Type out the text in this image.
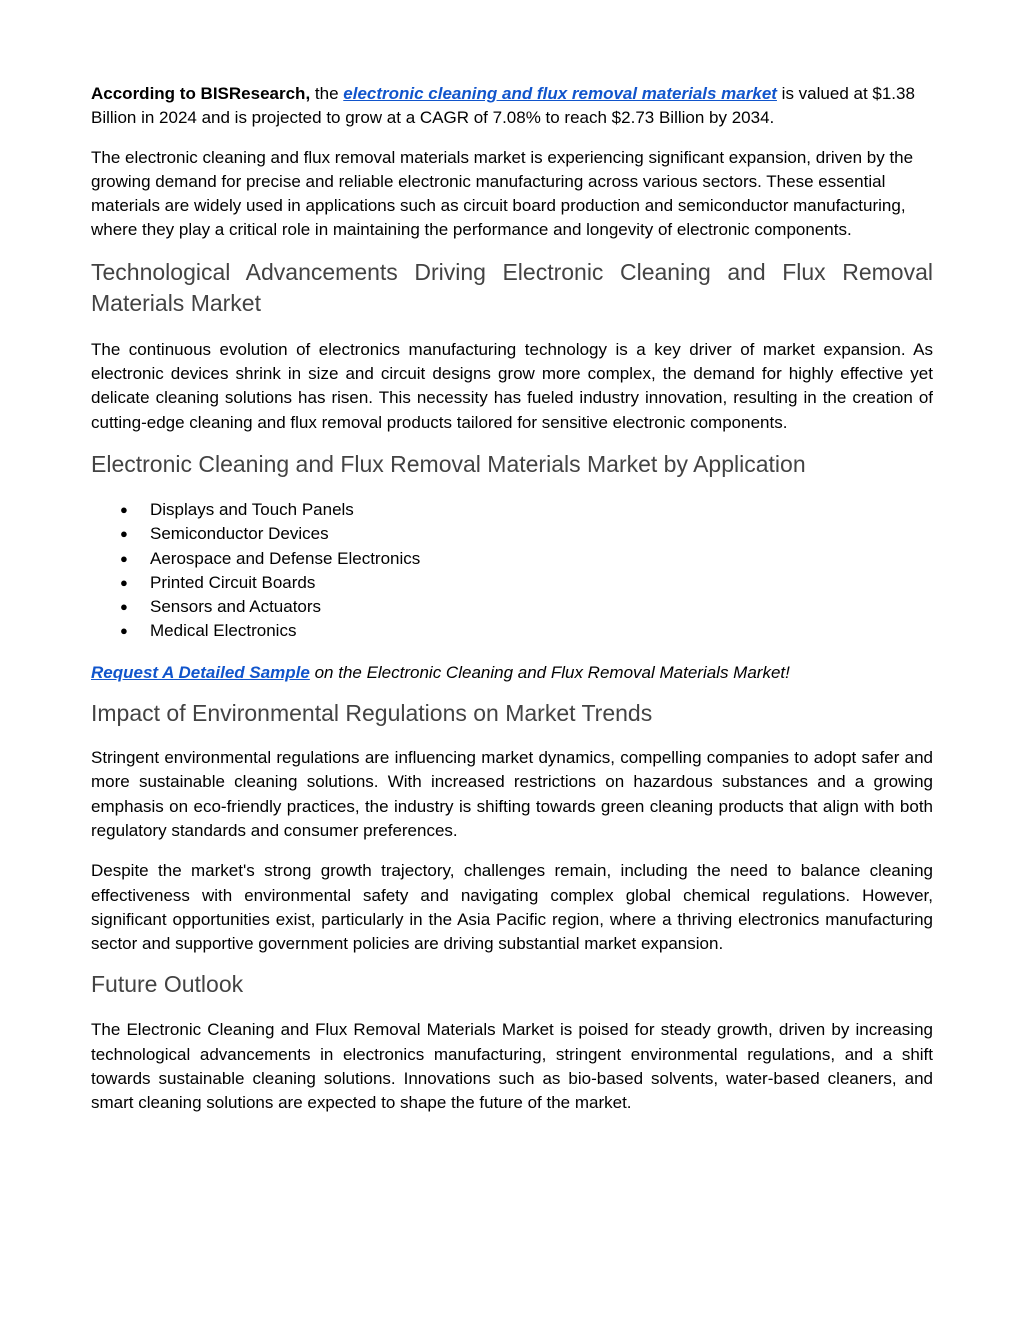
According to BISResearch, the electronic cleaning and flux removal materials market is valued at $1.38 Billion in 2024 and is projected to grow at a CAGR of 7.08% to reach $2.73 Billion by 2034.

The electronic cleaning and flux removal materials market is experiencing significant expansion, driven by the growing demand for precise and reliable electronic manufacturing across various sectors. These essential materials are widely used in applications such as circuit board production and semiconductor manufacturing, where they play a critical role in maintaining the performance and longevity of electronic components.

Technological Advancements Driving Electronic Cleaning and Flux Removal Materials Market

The continuous evolution of electronics manufacturing technology is a key driver of market expansion. As electronic devices shrink in size and circuit designs grow more complex, the demand for highly effective yet delicate cleaning solutions has risen. This necessity has fueled industry innovation, resulting in the creation of cutting-edge cleaning and flux removal products tailored for sensitive electronic components.

Electronic Cleaning and Flux Removal Materials Market by Application
● Displays and Touch Panels
● Semiconductor Devices
● Aerospace and Defense Electronics
● Printed Circuit Boards
● Sensors and Actuators
● Medical Electronics

Request A Detailed Sample on the Electronic Cleaning and Flux Removal Materials Market!

Impact of Environmental Regulations on Market Trends

Stringent environmental regulations are influencing market dynamics, compelling companies to adopt safer and more sustainable cleaning solutions. With increased restrictions on hazardous substances and a growing emphasis on eco-friendly practices, the industry is shifting towards green cleaning products that align with both regulatory standards and consumer preferences.

Despite the market's strong growth trajectory, challenges remain, including the need to balance cleaning effectiveness with environmental safety and navigating complex global chemical regulations. However, significant opportunities exist, particularly in the Asia Pacific region, where a thriving electronics manufacturing sector and supportive government policies are driving substantial market expansion.

Future Outlook

The Electronic Cleaning and Flux Removal Materials Market is poised for steady growth, driven by increasing technological advancements in electronics manufacturing, stringent environmental regulations, and a shift towards sustainable cleaning solutions. Innovations such as bio-based solvents, water-based cleaners, and smart cleaning solutions are expected to shape the future of the market.
